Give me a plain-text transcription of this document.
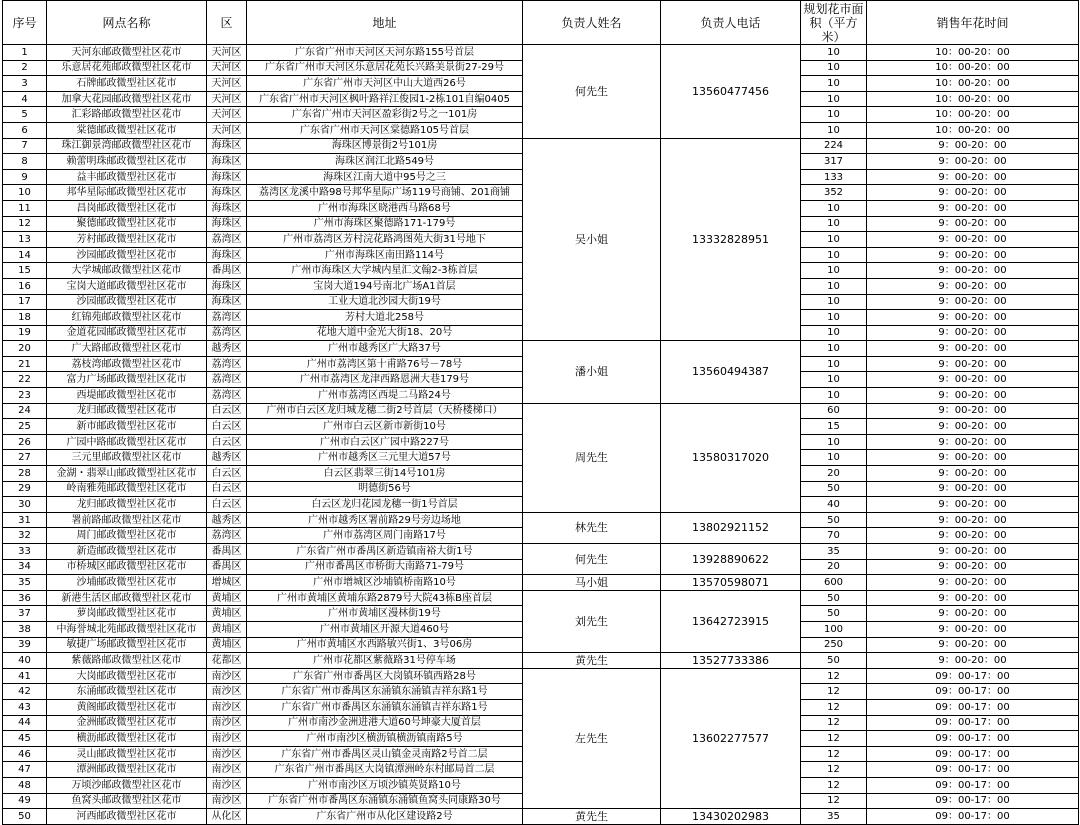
序号	网点名称	区	地址	负责人姓名	负责人电话	规划花市面积（平方米）	销售年花时间
1	天河东邮政微型社区花市	天河区	广东省广州市天河区天河东路155号首层	何先生	13560477456	10	10：00-20：00
2	乐意居花苑邮政微型社区花市	天河区	广东省广州市天河区乐意居花苑长兴路美景街27-29号			10	10：00-20：00
3	石牌邮政微型社区花市	天河区	广东省广州市天河区中山大道西26号			10	10：00-20：00
4	加拿大花园邮政微型社区花市	天河区	广东省广州市天河区枫叶路祥江俊园1-2栋101自编0405			10	10：00-20：00
5	汇彩路邮政微型社区花市	天河区	广东省广州市天河区盈彩街2号之一101房			10	10：00-20：00
6	棠德邮政微型社区花市	天河区	广东省广州市天河区棠德路105号首层			10	10：00-20：00
7	珠江御景湾邮政微型社区花市	海珠区	海珠区博景街2号101房	吴小姐	13332828951	224	9：00-20：00
8	赖蕾明珠邮政微型社区花市	海珠区	海珠区润江北路549号			317	9：00-20：00
9	益丰邮政微型社区花市	海珠区	海珠区江南大道中95号之三			133	9：00-20：00
10	邦华星际邮政微型社区花市	海珠区	荔湾区龙溪中路98号邦华星际广场119号商铺、201商铺			352	9：00-20：00
11	昌岗邮政微型社区花市	海珠区	广州市海珠区晓港西马路68号			10	9：00-20：00
12	聚德邮政微型社区花市	海珠区	广州市海珠区聚德路171-179号			10	9：00-20：00
13	芳村邮政微型社区花市	荔湾区	广州市荔湾区芳村浣花路鸿图苑大街31号地下			10	9：00-20：00
14	沙园邮政微型社区花市	海珠区	广州市海珠区南田路114号			10	9：00-20：00
15	大学城邮政微型社区花市	番禺区	广州市海珠区大学城内星汇文翰2-3栋首层			10	9：00-20：00
16	宝岗大道邮政微型社区花市	海珠区	宝岗大道194号南北广场A1首层			10	9：00-20：00
17	沙园邮政微型社区花市	海珠区	工业大道北沙园大街19号			10	9：00-20：00
18	红锦苑邮政微型社区花市	荔湾区	芳村大道北258号			10	9：00-20：00
19	金道花园邮政微型社区花市	荔湾区	花地大道中金光大街18、20号			10	9：00-20：00
20	广大路邮政微型社区花市	越秀区	广州市越秀区广大路37号	潘小姐	13560494387	10	9：00-20：00
21	荔枝湾邮政微型社区花市	荔湾区	广州市荔湾区第十甫路76号－78号			10	9：00-20：00
22	富力广场邮政微型社区花市	荔湾区	广州市荔湾区龙津西路恩洲大巷179号			10	9：00-20：00
23	西堤邮政微型社区花市	荔湾区	广州市荔湾区西堤二马路24号			10	9：00-20：00
24	龙归邮政微型社区花市	白云区	广州市白云区龙归城龙穗二街2号首层（天桥楼梯口）	周先生	13580317020	60	9：00-20：00
25	新市邮政微型社区花市	白云区	广州市白云区新市新街10号			15	9：00-20：00
26	广园中路邮政微型社区花市	白云区	广州市白云区广园中路227号			10	9：00-20：00
27	三元里邮政微型社区花市	越秀区	广州市越秀区三元里大道57号			10	9：00-20：00
28	金湖・翡翠山邮政微型社区花市	白云区	白云区翡翠三街14号101房			20	9：00-20：00
29	岭南雅苑邮政微型社区花市	白云区	明德街56号			50	9：00-20：00
30	龙归邮政微型社区花市	白云区	白云区龙归花园龙穗一街1号首层			40	9：00-20：00
31	署前路邮政微型社区花市	越秀区	广州市越秀区署前路29号旁边场地	林先生	13802921152	50	9：00-20：00
32	周门邮政微型社区花市	荔湾区	广州市荔湾区周门南路17号			70	9：00-20：00
33	新造邮政微型社区花市	番禺区	广东省广州市番禺区新造镇南裕大街1号	何先生	13928890622	35	9：00-20：00
34	市桥城区邮政微型社区花市	番禺区	广州市番禺区市桥街大南路71-79号			20	9：00-20：00
35	沙埔邮政微型社区花市	增城区	广州市增城区沙埔镇桥南路10号	马小姐	13570598071	600	9：00-20：00
36	新港生活区邮政微型社区花市	黄埔区	广州市黄埔区黄埔东路2879号大院43栋B座首层	刘先生	13642723915	50	9：00-20：00
37	萝岗邮政微型社区花市	黄埔区	广州市黄埔区漫林街19号			50	9：00-20：00
38	中海誉城北苑邮政微型社区花市	黄埔区	广州市黄埔区开源大道460号			100	9：00-20：00
39	敏捷广场邮政微型社区花市	黄埔区	广州市黄埔区水西路敏兴街1、3号06房			250	9：00-20：00
40	紫薇路邮政微型社区花市	花都区	广州市花都区紫薇路31号停车场	黄先生	13527733386	50	9：00-20：00
41	大岗邮政微型社区花市	南沙区	广东省广州市番禺区大岗镇环镇西路28号	左先生	13602277577	12	09：00-17：00
42	东涌邮政微型社区花市	南沙区	广东省广州市番禺区东涌镇东涌镇吉祥东路1号			12	09：00-17：00
43	黄阁邮政微型社区花市	南沙区	广东省广州市番禺区东涌镇东涌镇吉祥东路1号			12	09：00-17：00
44	金洲邮政微型社区花市	南沙区	广州市南沙金洲进港大道60号坤豪大厦首层			12	09：00-17：00
45	横沥邮政微型社区花市	南沙区	广州市南沙区横沥镇横沥镇南路5号			12	09：00-17：00
46	灵山邮政微型社区花市	南沙区	广东省广州市番禺区灵山镇金灵南路2号首二层			12	09：00-17：00
47	潭洲邮政微型社区花市	南沙区	广东省广州市番禺区大岗镇潭洲岭东村邮局首二层			12	09：00-17：00
48	万顷沙邮政微型社区花市	南沙区	广州市南沙区万顷沙镇英贤路10号			12	09：00-17：00
49	鱼窝头邮政微型社区花市	南沙区	广东省广州市番禺区东涌镇东涌镇鱼窝头同康路30号			12	09：00-17：00
50	河西邮政微型社区花市	从化区	广东省广州市从化区建设路2号	黄先生	13430202983	35	09：00-17：00
